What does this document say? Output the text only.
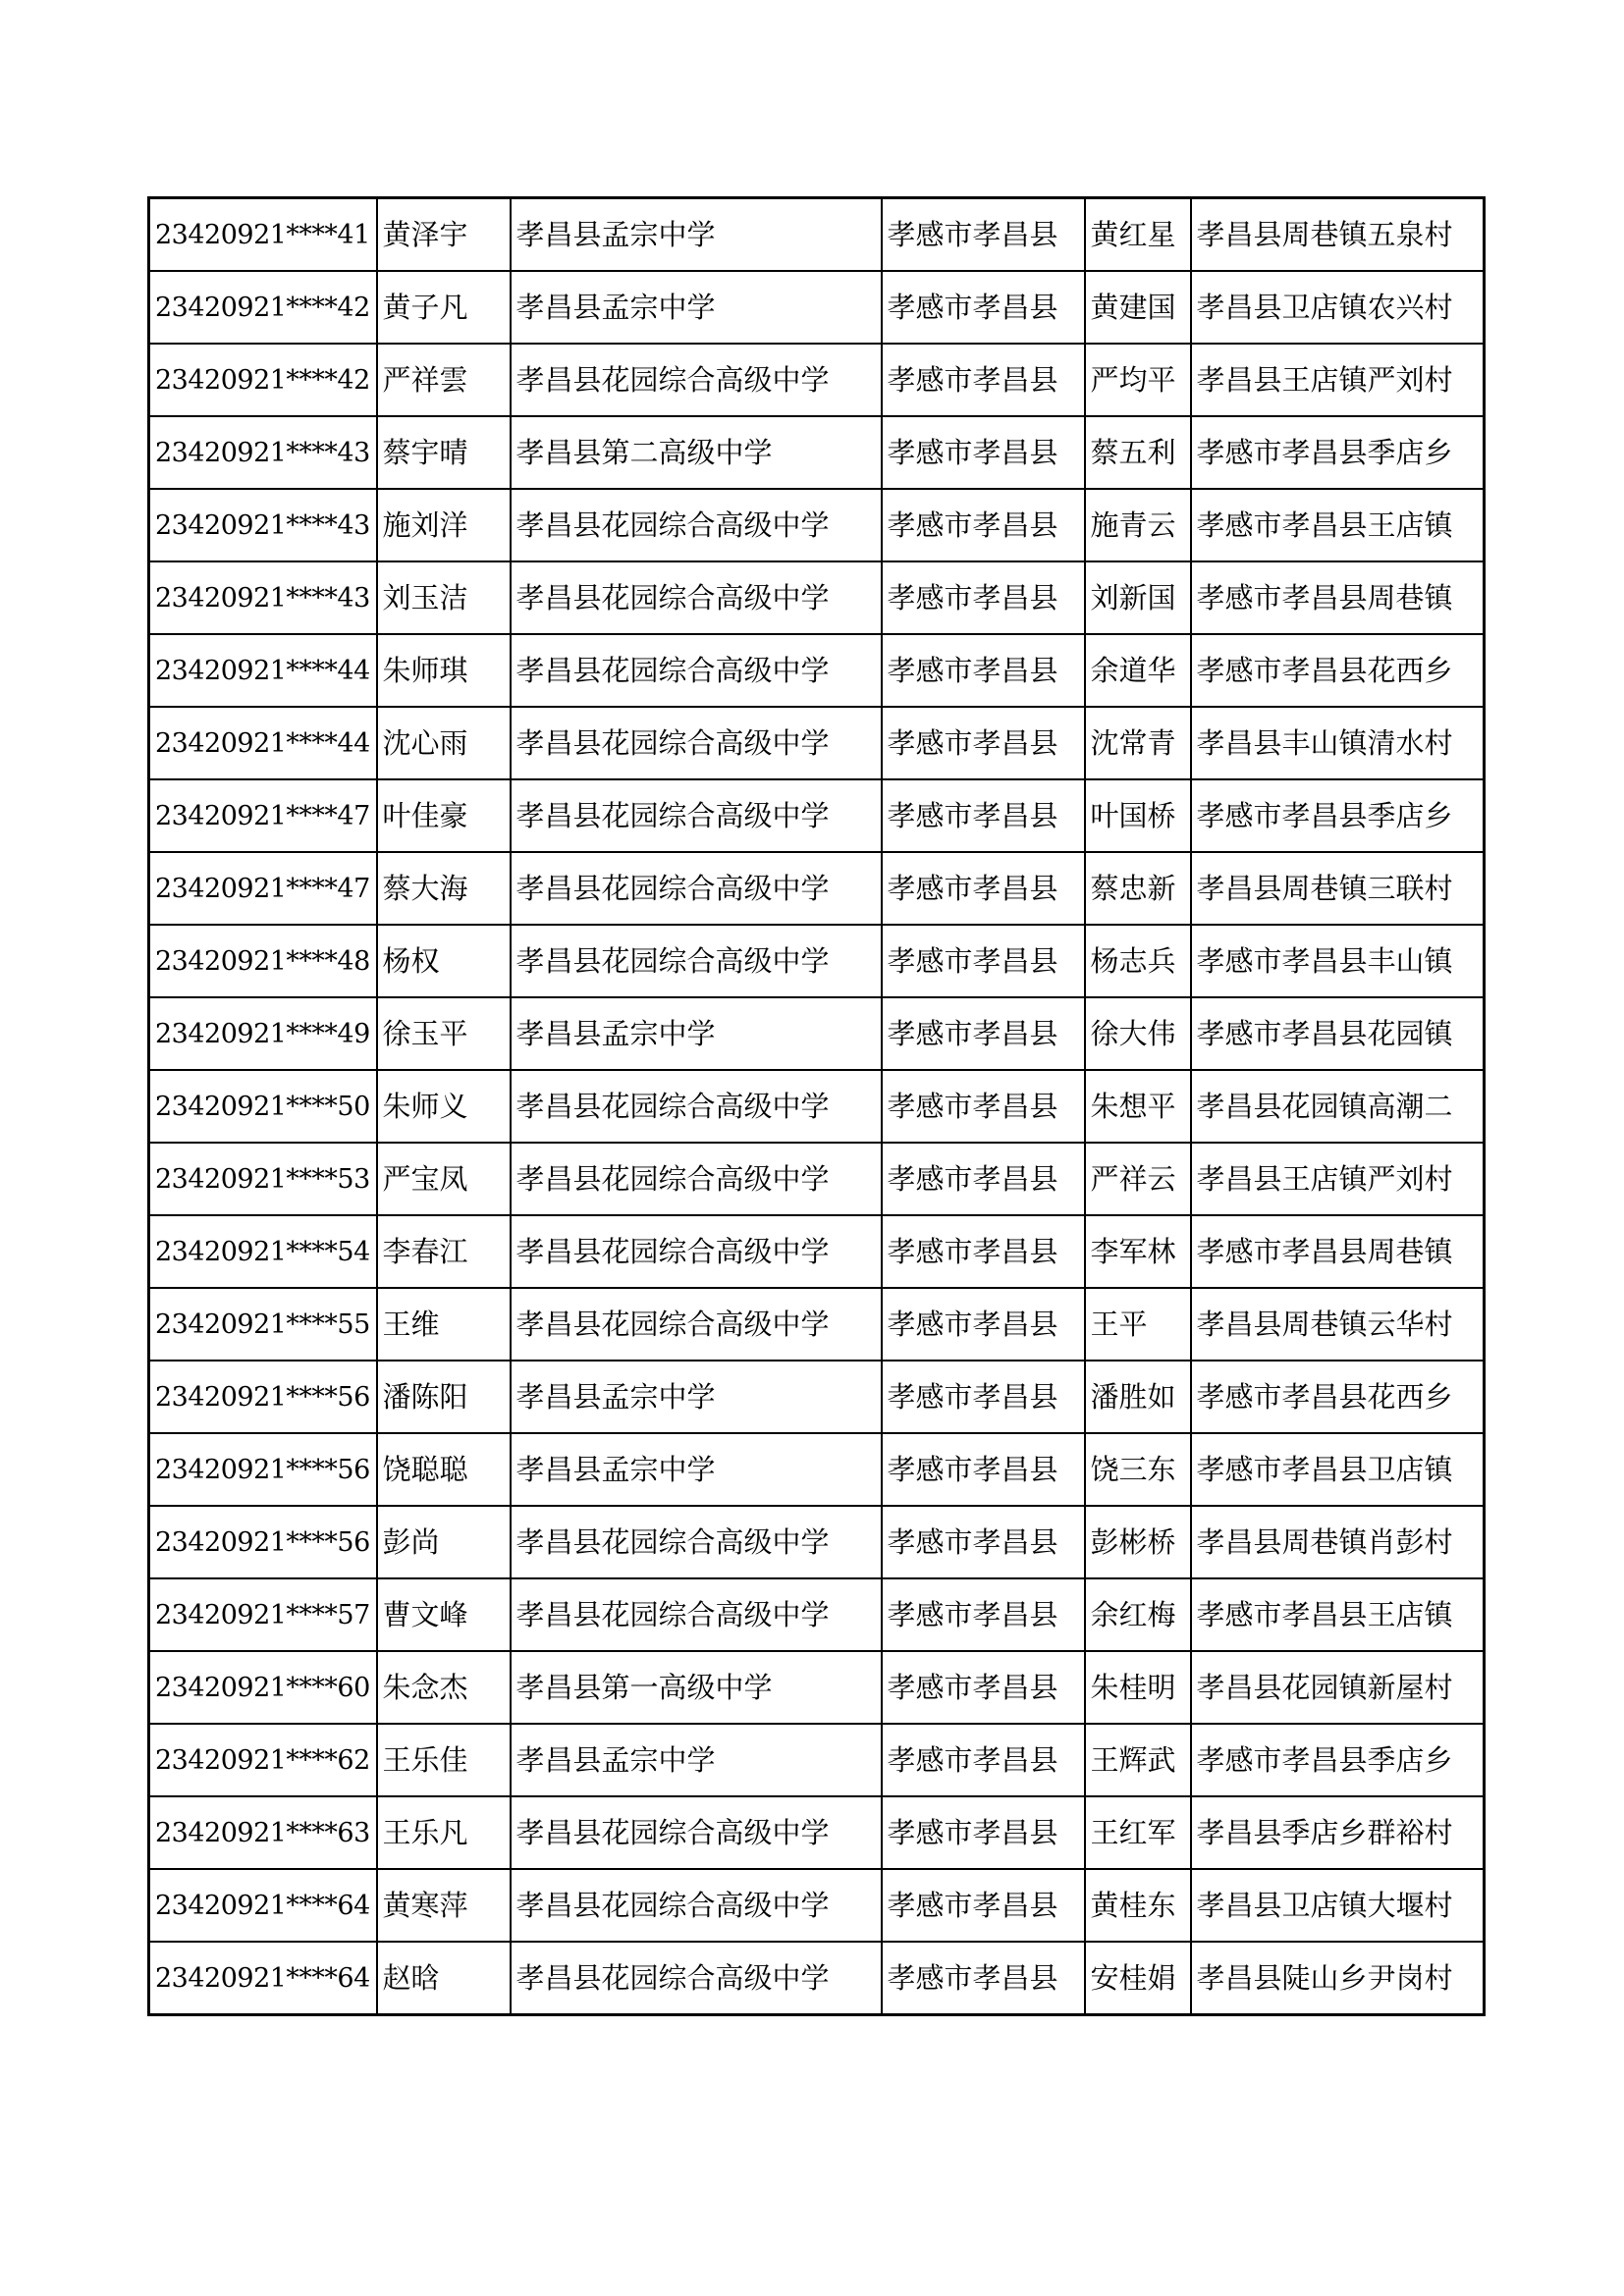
23420921****41	黄泽宇	孝昌县孟宗中学	孝感市孝昌县	黄红星	孝昌县周巷镇五泉村
23420921****42	黄子凡	孝昌县孟宗中学	孝感市孝昌县	黄建国	孝昌县卫店镇农兴村
23420921****42	严祥雲	孝昌县花园综合高级中学	孝感市孝昌县	严均平	孝昌县王店镇严刘村
23420921****43	蔡宇晴	孝昌县第二高级中学	孝感市孝昌县	蔡五利	孝感市孝昌县季店乡
23420921****43	施刘洋	孝昌县花园综合高级中学	孝感市孝昌县	施青云	孝感市孝昌县王店镇
23420921****43	刘玉洁	孝昌县花园综合高级中学	孝感市孝昌县	刘新国	孝感市孝昌县周巷镇
23420921****44	朱师琪	孝昌县花园综合高级中学	孝感市孝昌县	余道华	孝感市孝昌县花西乡
23420921****44	沈心雨	孝昌县花园综合高级中学	孝感市孝昌县	沈常青	孝昌县丰山镇清水村
23420921****47	叶佳豪	孝昌县花园综合高级中学	孝感市孝昌县	叶国桥	孝感市孝昌县季店乡
23420921****47	蔡大海	孝昌县花园综合高级中学	孝感市孝昌县	蔡忠新	孝昌县周巷镇三联村
23420921****48	杨权	孝昌县花园综合高级中学	孝感市孝昌县	杨志兵	孝感市孝昌县丰山镇
23420921****49	徐玉平	孝昌县孟宗中学	孝感市孝昌县	徐大伟	孝感市孝昌县花园镇
23420921****50	朱师义	孝昌县花园综合高级中学	孝感市孝昌县	朱想平	孝昌县花园镇高潮二
23420921****53	严宝凤	孝昌县花园综合高级中学	孝感市孝昌县	严祥云	孝昌县王店镇严刘村
23420921****54	李春江	孝昌县花园综合高级中学	孝感市孝昌县	李军林	孝感市孝昌县周巷镇
23420921****55	王维	孝昌县花园综合高级中学	孝感市孝昌县	王平	孝昌县周巷镇云华村
23420921****56	潘陈阳	孝昌县孟宗中学	孝感市孝昌县	潘胜如	孝感市孝昌县花西乡
23420921****56	饶聪聪	孝昌县孟宗中学	孝感市孝昌县	饶三东	孝感市孝昌县卫店镇
23420921****56	彭尚	孝昌县花园综合高级中学	孝感市孝昌县	彭彬桥	孝昌县周巷镇肖彭村
23420921****57	曹文峰	孝昌县花园综合高级中学	孝感市孝昌县	余红梅	孝感市孝昌县王店镇
23420921****60	朱念杰	孝昌县第一高级中学	孝感市孝昌县	朱桂明	孝昌县花园镇新屋村
23420921****62	王乐佳	孝昌县孟宗中学	孝感市孝昌县	王辉武	孝感市孝昌县季店乡
23420921****63	王乐凡	孝昌县花园综合高级中学	孝感市孝昌县	王红军	孝昌县季店乡群裕村
23420921****64	黄寒萍	孝昌县花园综合高级中学	孝感市孝昌县	黄桂东	孝昌县卫店镇大堰村
23420921****64	赵晗	孝昌县花园综合高级中学	孝感市孝昌县	安桂娟	孝昌县陡山乡尹岗村
